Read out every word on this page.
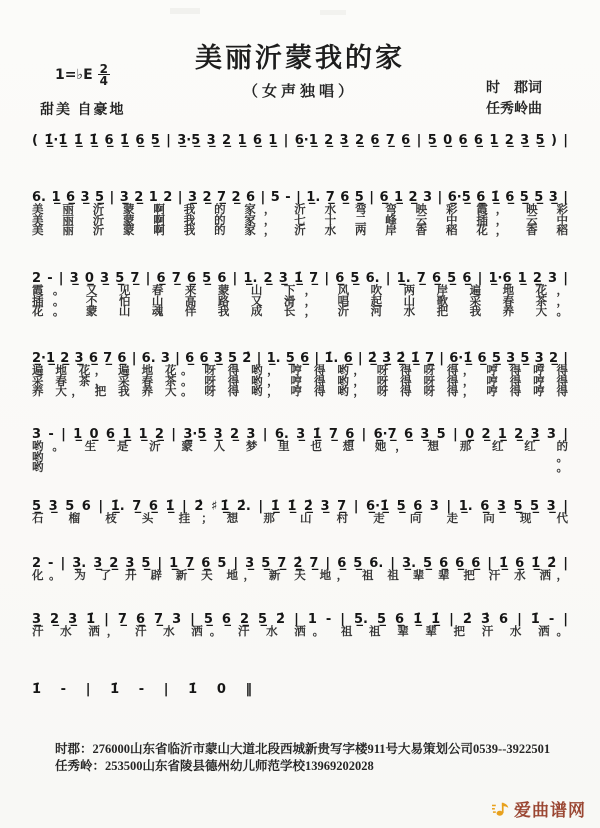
美丽沂蒙我的家
（女声独唱）
1=♭E $\frac{2}{4}$
甜美 自豪地
时　郡词
任秀岭曲
( 1̲̇·1̲̇ 1̲̇ 1̲̇ 6̲ 1̲̇ 6̲ 5̲ | 3̲·5̲ 3̲ 2̲ 1̲ 6̲ 1̲ | 6̲·1̲ 2̲ 3̲ 2̲ 6̲ 7̲ 6̲ | 5̲ 0̲ 6̲ 6̲ 1̲ 2̲ 3̲ 5̲ ) |
6. 1̲ 6̲ 3̲ 5̲ | 3̲ 2̲ 1 2 | 3̲ 2̲ 7̲ 2̲ 6 | 5 - | 1̲. 7̲ 6̲ 5̲ | 6̲ 1̲ 2̲ 3 | 6̲·5̲ 6̲ 1̲̇ 6̲ 5̲ 5̲ 3̲ |
美 丽 沂 蒙 啊 我 的 家， 沂 水 弯 弯 映 彩 霞， 映 彩
美 丽 沂 蒙 啊 我 的 家， 七 十 二 峰 云 中 插， 云 中
美 丽 沂 蒙 啊 我 的 家， 沂 水 两 岸 香 稻 花， 香 稻
2 - | 3̲ 0̲ 3̲ 5̲ 7̲ | 6̲ 7̲ 6̲ 5̲ 6 | 1̲. 2̲ 3̲ 1̲̇ 7̲ | 6̲ 5̲ 6. | 1̲. 7̲ 6̲ 5̲ 6̲ | 1̲·6̲ 1̲ 2̲ 3 |
霞。 又 见 春 来 蒙 山 下， 风 吹 两 岸 遍 地 花，
插。 不 怕 山 高 路 又 滑， 唱 起 山 歌 采 春 茶，
花。 蒙 山 魂 伴 我 成 长， 沂 河 水 把 我 养 大。
2̲·1̲ 2̲ 3̲ 6̲ 7̲ 6̲ | 6. 3 | 6̲ 6̲ 3̲ 5̲ 2̇ | 1̲. 5̲ 6̲ | 1̇. 6̲ | 2̲̇ 3̲̇ 2̲̇ 1̲̇ 7̲ | 6̲·1̲̇ 6̲ 5̲ 3̲ 5̲ 3̲ 2̲ |
遍 地 花， 遍 地 花。 呀 得 哟， 哼 得 哟， 呀 得 呀 得， 哼 得 哼 得
采 春 茶， 采 春 茶。 呀 得 哟， 哼 得 哟， 呀 得 呀 得， 哼 得 哼 得
养 大， 把 我 养 大。 呀 得 哟， 哼 得 哟， 呀 得 呀 得， 哼 得 哼 得
3 - | 1̲ 0̲ 6̲ 1̲ 1̲ 2̲ | 3̲·5̲ 3̲ 2̲ 3 | 6̲. 3̲ 1̲̇ 7̲ 6̲ | 6̲·7̲ 6̲ 3̲ 5 | 0̲ 2̲ 1̲ 2̲ 3̲ 3 |
哟。 生 是 沂 蒙 人 梦 里 也 想 她， 想 那 红 红 的
哟。
哟。
5̲ 3̲ 5 6 | 1̲̇. 7̲ 6̲ 1̲̇ | 2̇ ♯1̲̇ 2̇. | 1̲̇ 1̲̇ 2̲̇ 3̲ 7̲ | 6̲·1̲̇ 5̲ 6̲ 3 | 1̲. 6̲ 3̲ 5̲ 5̲ 3̲ |
石 榴 枝 头 挂； 想 那 山 村 走 向 走 向 现 代
2 - | 3̲. 3̲ 2̲ 3̲ 5̲ | 1̲ 7̲ 6̲ 5 | 3̲ 5̲ 7̲ 2̲̇ 7̲ | 6̲ 5̲ 6. | 3̲. 5̲ 6̲ 6̲ 6̲ | 1̲̇ 6̲ 1̲̇ 2̇ |
化。 为 了 开 辟 新 天 地， 新 天 地， 祖 祖 辈 辈 把 汗 水 洒，
3̲ 2̲ 3̲ 1̇ | 7̲ 6̲ 7̲ 3 | 5̲ 6̲ 2̲ 5̲ 2̇ | 1 - | 5̲. 5̲ 6̲ 1̲̇ 1̲̇ | 2̇ 3̇ 6 | 1̇ - |
汗 水 洒， 汗 水 洒。 汗 水 洒。 祖 祖 辈 辈 把 汗 水 洒。
1̇ - | 1̇ - | 1̇ 0 ‖
时郡：276000山东省临沂市蒙山大道北段西城新贵写字楼911号大易策划公司0539--3922501
任秀岭：253500山东省陵县德州幼儿师范学校13969202028
爱曲谱网
